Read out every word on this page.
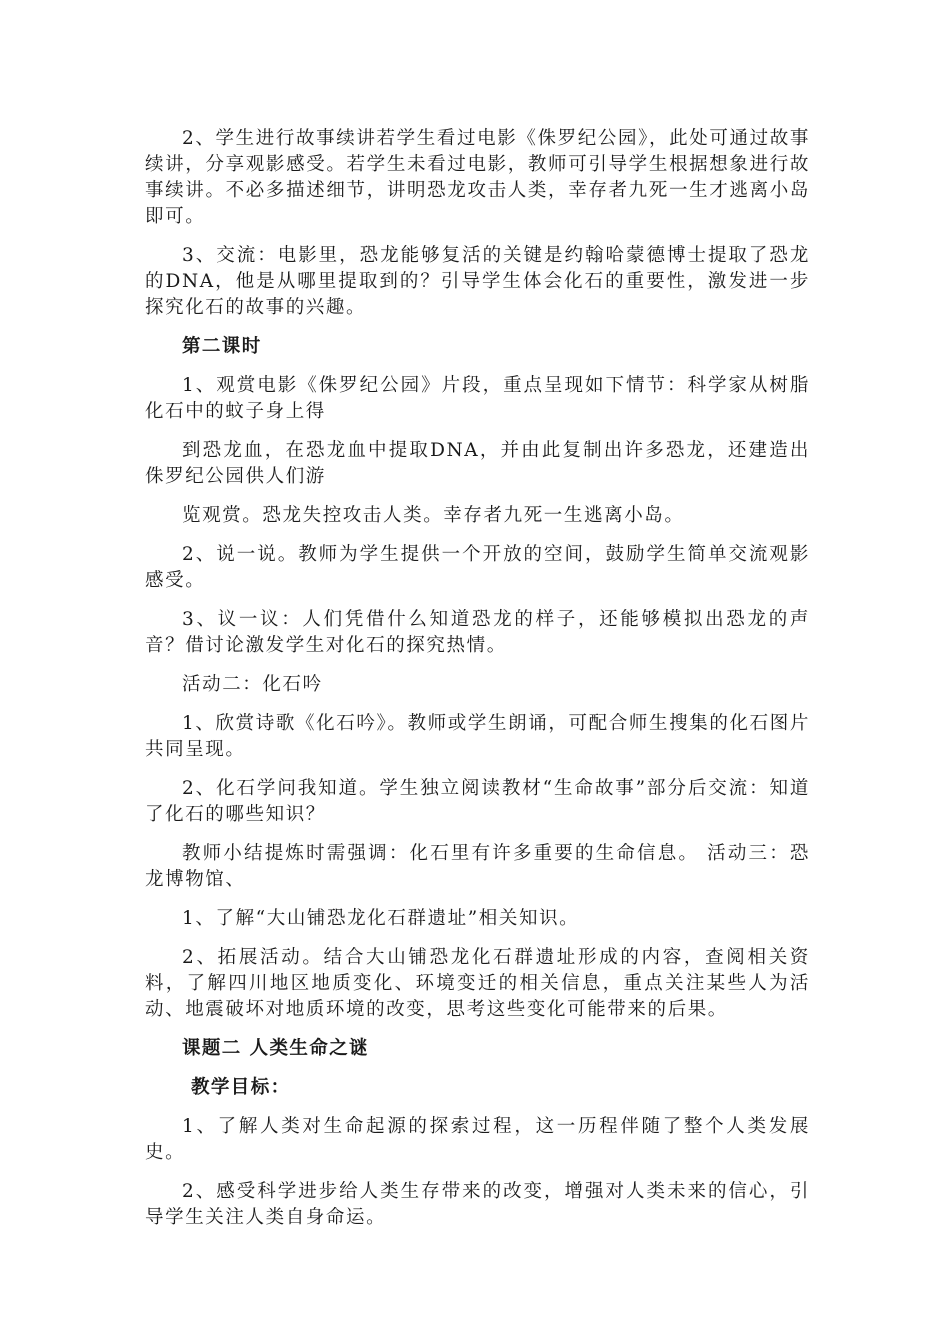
2、学生进行故事续讲若学生看过电影《侏罗纪公园》，此处可通过故事续讲，分享观影感受。若学生未看过电影，教师可引导学生根据想象进行故事续讲。不必多描述细节，讲明恐龙攻击人类，幸存者九死一生才逃离小岛即可。

3、交流：电影里，恐龙能够复活的关键是约翰哈蒙德博士提取了恐龙的DNA，他是从哪里提取到的？引导学生体会化石的重要性，激发进一步探究化石的故事的兴趣。

第二课时

1、观赏电影《侏罗纪公园》片段，重点呈现如下情节：科学家从树脂化石中的蚊子身上得

到恐龙血，在恐龙血中提取DNA，并由此复制出许多恐龙，还建造出侏罗纪公园供人们游

览观赏。恐龙失控攻击人类。幸存者九死一生逃离小岛。

2、说一说。教师为学生提供一个开放的空间，鼓励学生简单交流观影感受。

3、议一议：人们凭借什么知道恐龙的样子，还能够模拟出恐龙的声音？借讨论激发学生对化石的探究热情。

活动二：化石吟

1、欣赏诗歌《化石吟》。教师或学生朗诵，可配合师生搜集的化石图片共同呈现。

2、化石学问我知道。学生独立阅读教材“生命故事”部分后交流：知道了化石的哪些知识？

教师小结提炼时需强调：化石里有许多重要的生命信息。 活动三：恐龙博物馆、

1、了解“大山铺恐龙化石群遗址”相关知识。

2、拓展活动。结合大山铺恐龙化石群遗址形成的内容，查阅相关资料，了解四川地区地质变化、环境变迁的相关信息，重点关注某些人为活动、地震破坏对地质环境的改变，思考这些变化可能带来的后果。

课题二 人类生命之谜

教学目标：

1、了解人类对生命起源的探索过程，这一历程伴随了整个人类发展史。

2、感受科学进步给人类生存带来的改变，增强对人类未来的信心，引导学生关注人类自身命运。
